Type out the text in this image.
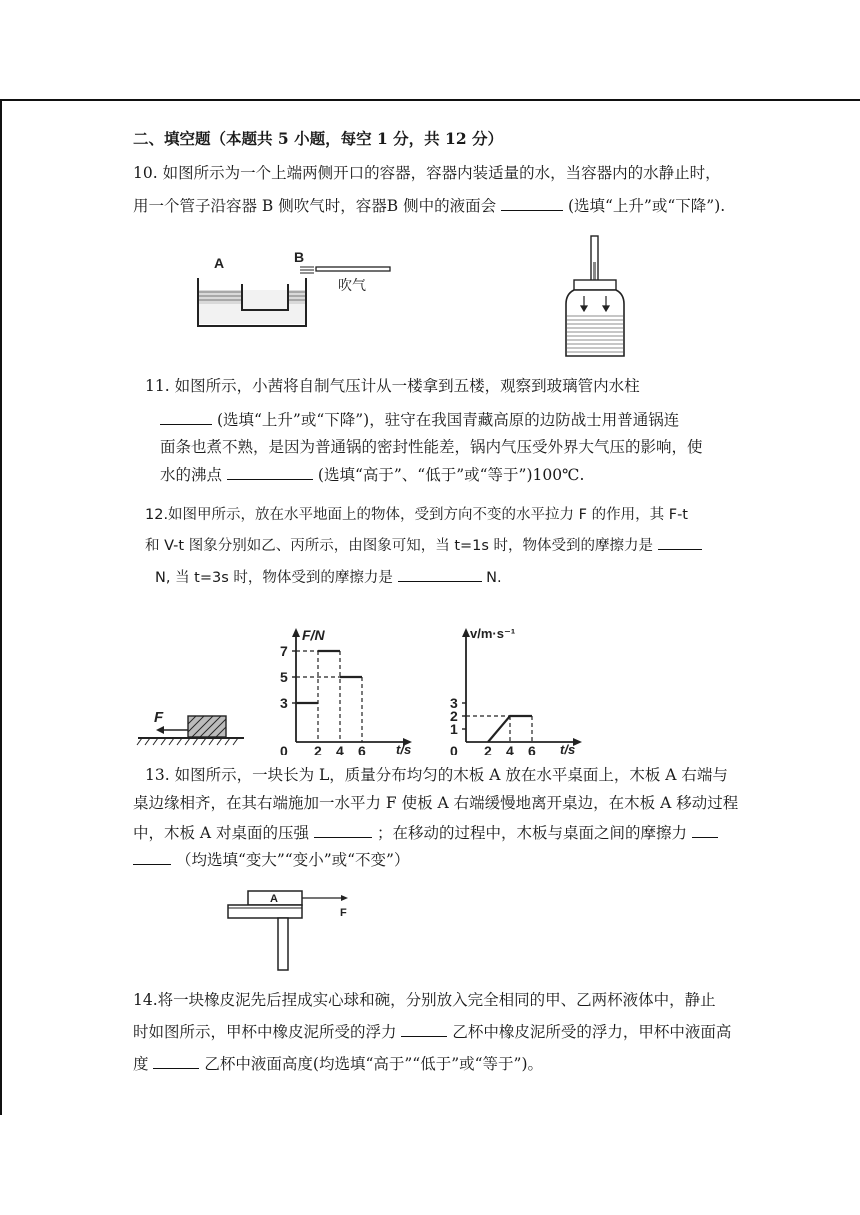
二、填空题（本题共 5 小题，每空 1 分，共 12 分）
10. 如图所示为一个上端两侧开口的容器，容器内装适量的水，当容器内的水静止时，
用一个管子沿容器 B 侧吹气时，容器B 侧中的液面会	(选填“上升”或“下降”).
A	B
吹气
11. 如图所示，小茜将自制气压计从一楼拿到五楼，观察到玻璃管内水柱
(选填“上升”或“下降”)，驻守在我国青藏高原的边防战士用普通锅连
面条也煮不熟，是因为普通锅的密封性能差，锅内气压受外界大气压的影响，使
水的沸点	(选填“高于”、“低于”或“等于”)100℃.
12.如图甲所示，放在水平地面上的物体，受到方向不变的水平拉力 F 的作用，其 F-t
和 V-t 图象分别如乙、丙所示，由图象可知，当 t=1s 时，物体受到的摩擦力是
N, 当 t=3s 时，物体受到的摩擦力是	N.
F
F/N
t/s
7
5
3
0 2 4 6
v/m·s⁻¹
t/s
3
2
1
0 2 4 6
13. 如图所示，一块长为 L，质量分布均匀的木板 A 放在水平桌面上，木板 A 右端与
桌边缘相齐，在其右端施加一水平力 F 使板 A 右端缓慢地离开桌边，在木板 A 移动过程
中，木板 A 对桌面的压强	；在移动的过程中，木板与桌面之间的摩擦力
（均选填“变大”“变小”或“不变”）
A
F
14.将一块橡皮泥先后捏成实心球和碗，分别放入完全相同的甲、乙两杯液体中，静止
时如图所示，甲杯中橡皮泥所受的浮力	乙杯中橡皮泥所受的浮力，甲杯中液面高
度	乙杯中液面高度(均选填“高于”“低于”或“等于”)。
